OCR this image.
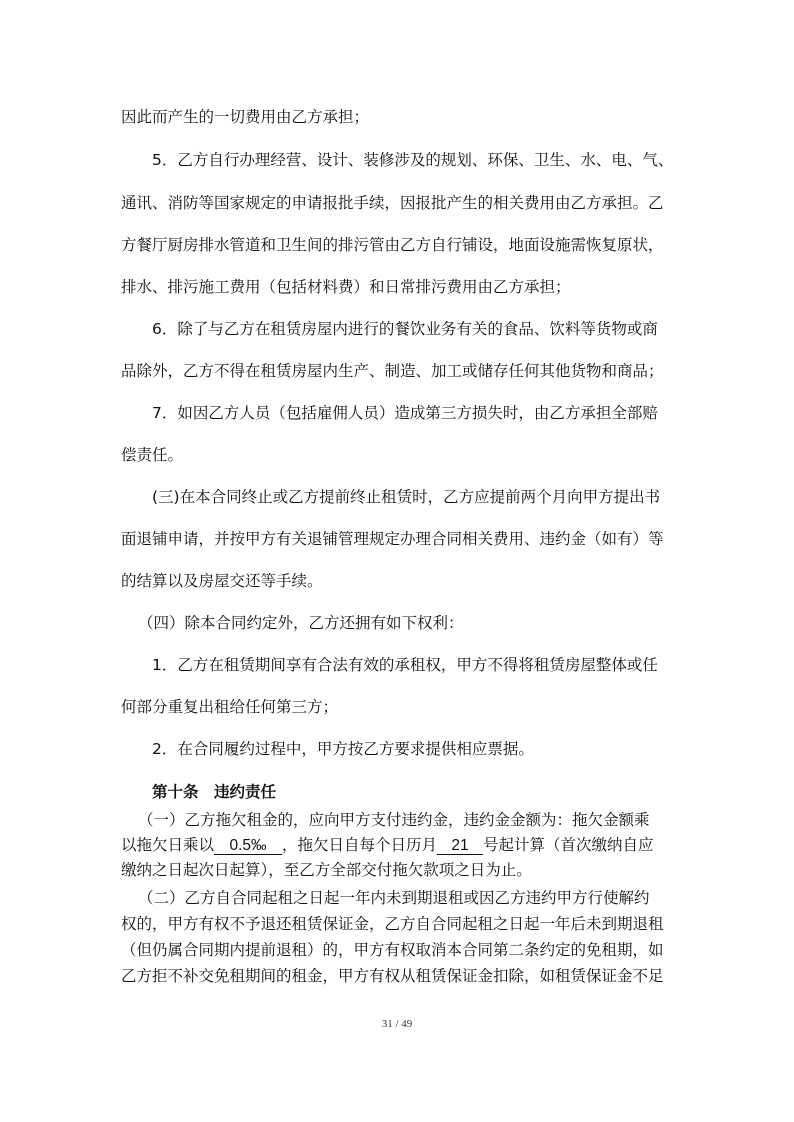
因此而产生的一切费用由乙方承担；
5．乙方自行办理经营、设计、装修涉及的规划、环保、卫生、水、电、气、
通讯、消防等国家规定的申请报批手续，因报批产生的相关费用由乙方承担。乙
方餐厅厨房排水管道和卫生间的排污管由乙方自行铺设，地面设施需恢复原状，
排水、排污施工费用（包括材料费）和日常排污费用由乙方承担；
6．除了与乙方在租赁房屋内进行的餐饮业务有关的食品、饮料等货物或商
品除外，乙方不得在租赁房屋内生产、制造、加工或储存任何其他货物和商品；
7．如因乙方人员（包括雇佣人员）造成第三方损失时，由乙方承担全部赔
偿责任。
(三)在本合同终止或乙方提前终止租赁时，乙方应提前两个月向甲方提出书
面退铺申请，并按甲方有关退铺管理规定办理合同相关费用、违约金（如有）等
的结算以及房屋交还等手续。
（四）除本合同约定外，乙方还拥有如下权利：
1．乙方在租赁期间享有合法有效的承租权，甲方不得将租赁房屋整体或任
何部分重复出租给任何第三方；
2．在合同履约过程中，甲方按乙方要求提供相应票据。
第十条　违约责任
（一）乙方拖欠租金的，应向甲方支付违约金，违约金金额为：拖欠金额乘
以拖欠日乘以 0.5‰ ，拖欠日自每个日历月 21 号起计算（首次缴纳自应
缴纳之日起次日起算），至乙方全部交付拖欠款项之日为止。
（二）乙方自合同起租之日起一年内未到期退租或因乙方违约甲方行使解约
权的，甲方有权不予退还租赁保证金，乙方自合同起租之日起一年后未到期退租
（但仍属合同期内提前退租）的，甲方有权取消本合同第二条约定的免租期，如
乙方拒不补交免租期间的租金，甲方有权从租赁保证金扣除，如租赁保证金不足
31 / 49
